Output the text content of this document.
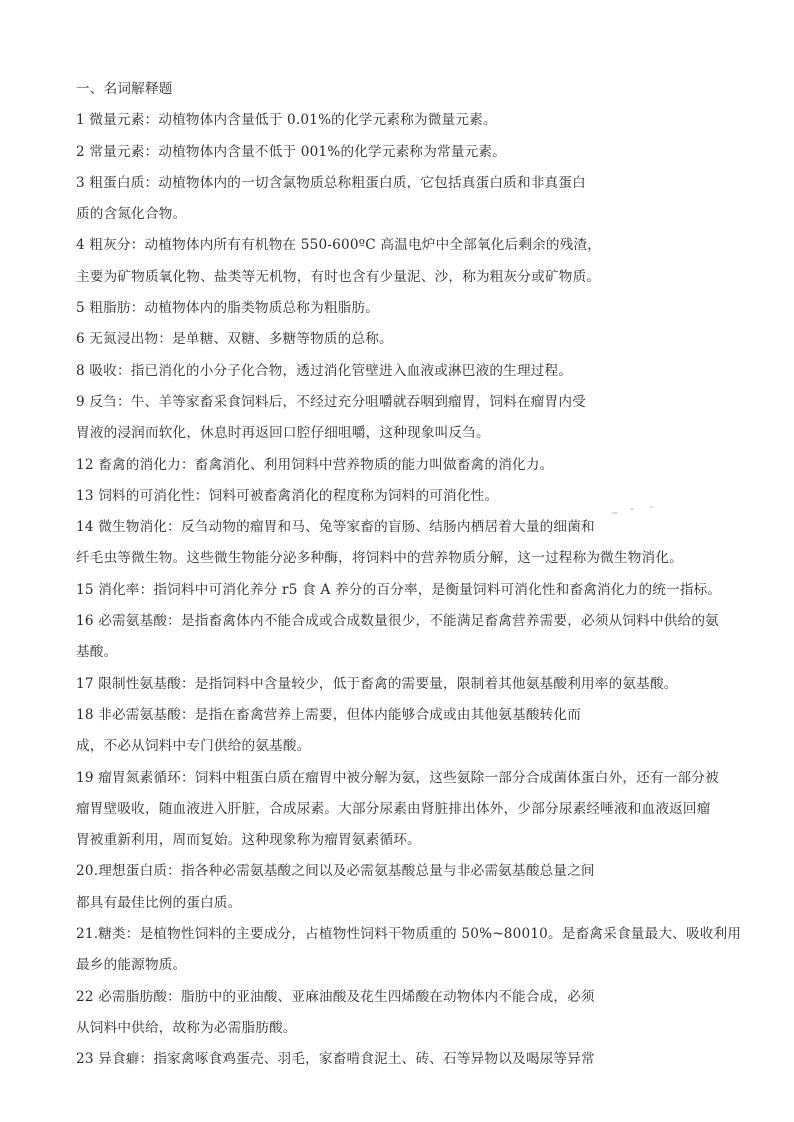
一、名词解释题
1 微量元素：动植物体内含量低于 0.01%的化学元素称为微量元素。
2 常量元素：动植物体内含量不低于 001%的化学元素称为常量元素。
3 粗蛋白质：动植物体内的一切含氯物质总称粗蛋白质，它包括真蛋白质和非真蛋白
质的含氮化合物。
4 粗灰分：动植物体内所有有机物在 550-600ºC 高温电炉中全部氧化后剩余的残渣，
主要为矿物质氧化物、盐类等无机物，有时也含有少量泥、沙，称为粗灰分或矿物质。
5 粗脂肪：动植物体内的脂类物质总称为粗脂肪。
6 无氮浸出物：是单糖、双糖、多糖等物质的总称。
8 吸收：指已消化的小分子化合物，透过消化管壁进入血液或淋巴液的生理过程。
9 反刍：牛、羊等家畜采食饲料后，不经过充分咀嚼就吞咽到瘤胃，饲料在瘤胃内受
胃液的浸润而软化，休息时再返回口腔仔细咀嚼，这种现象叫反刍。
12 畜禽的消化力：畜禽消化、利用饲料中营养物质的能力叫做畜禽的消化力。
13 饲料的可消化性：饲料可被畜禽消化的程度称为饲料的可消化性。
14 微生物消化：反刍动物的瘤胃和马、兔等家畜的盲肠、结肠内栖居着大量的细菌和
纤毛虫等微生物。这些微生物能分泌多种酶，将饲料中的营养物质分解，这一过程称为微生物消化。
15 消化率：指饲料中可消化养分 r5 食 A 养分的百分率，是衡量饲料可消化性和畜禽消化力的统一指标。
16 必需氨基酸：是指畜禽体内不能合成或合成数量很少，不能满足畜禽营养需要，必须从饲料中供给的氨
基酸。
17 限制性氨基酸：是指饲料中含量较少，低于畜禽的需要量，限制着其他氨基酸利用率的氨基酸。
18 非必需氨基酸：是指在畜禽营养上需要，但体内能够合成或由其他氨基酸转化而
成，不必从饲料中专门供给的氨基酸。
19 瘤胃氮素循环：饲料中粗蛋白质在瘤胃中被分解为氨，这些氨除一部分合成菌体蛋白外，还有一部分被
瘤胃壁吸收，随血液进入肝脏，合成尿素。大部分尿素由肾脏排出体外，少部分尿素经唾液和血液返回瘤
胃被重新利用，周而复始。这种现象称为瘤胃氨素循环。
20.理想蛋白质：指各种必需氨基酸之间以及必需氨基酸总量与非必需氨基酸总量之间
都具有最佳比例的蛋白质。
21.糖类：是植物性饲料的主要成分，占植物性饲料干物质重的 50%~80010。是畜禽采食量最大、吸收利用
最乡的能源物质。
22 必需脂肪酸：脂肪中的亚油酸、亚麻油酸及花生四烯酸在动物体内不能合成，必须
从饲料中供给，故称为必需脂肪酸。
23 异食癖：指家禽啄食鸡蛋壳、羽毛，家畜啃食泥土、砖、石等异物以及喝尿等异常
